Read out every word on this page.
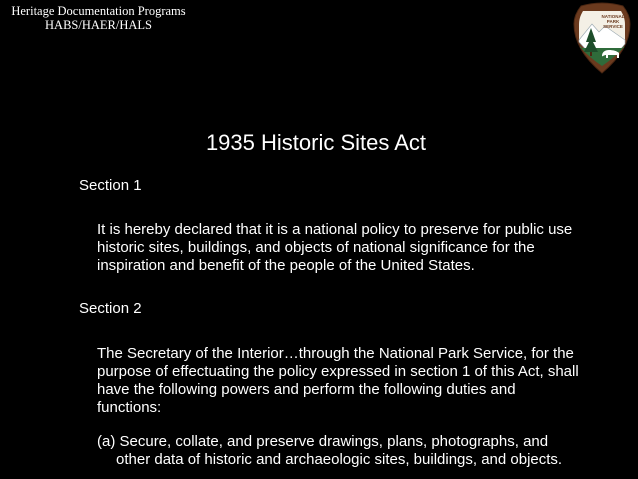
Heritage Documentation Programs
HABS/HAER/HALS
NATIONAL
PARK
SERVICE
1935 Historic Sites Act
Section 1
It is hereby declared that it is a national policy to preserve for public use
historic sites, buildings, and objects of national significance for the
inspiration and benefit of the people of the United States.
Section 2
The Secretary of the Interior…through the National Park Service, for the
purpose of effectuating the policy expressed in section 1 of this Act, shall
have the following powers and perform the following duties and
functions:
(a) Secure, collate, and preserve drawings, plans, photographs, and
other data of historic and archaeologic sites, buildings, and objects.
